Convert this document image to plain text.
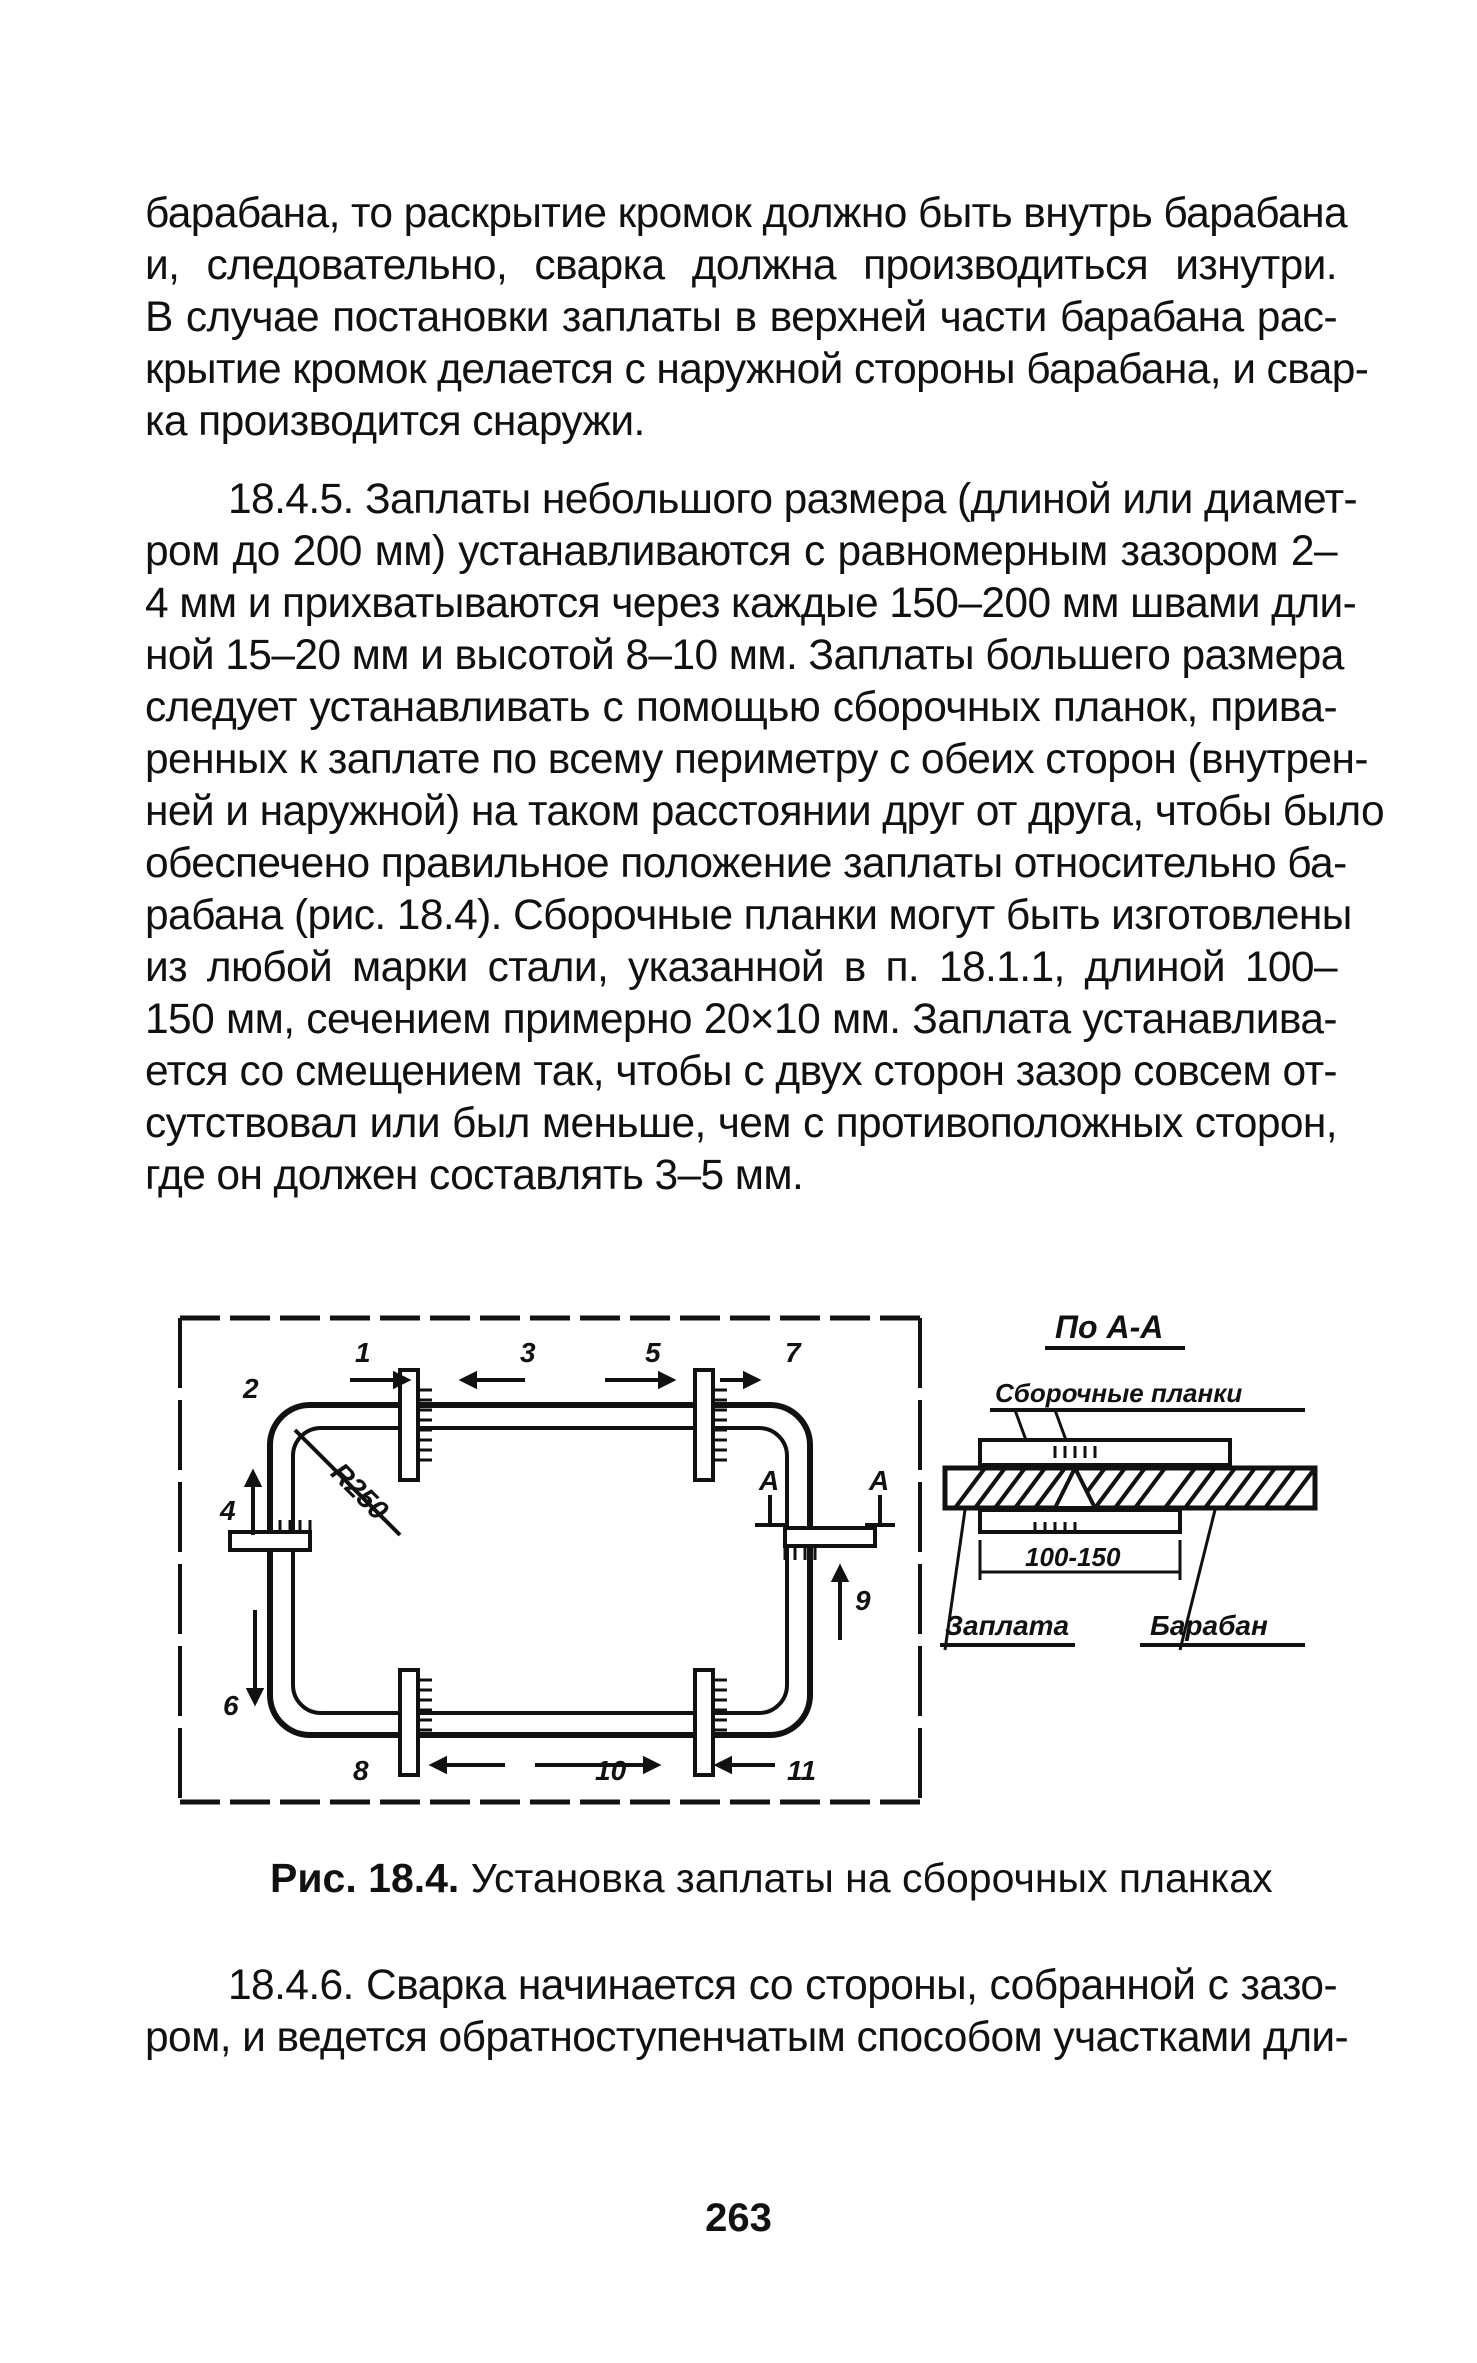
барабана, то раскрытие кромок должно быть внутрь барабана
и, следовательно, сварка должна производиться изнутри.
В случае постановки заплаты в верхней части барабана рас-
крытие кромок делается с наружной стороны барабана, и свар-
ка производится снаружи.
18.4.5. Заплаты небольшого размера (длиной или диамет-
ром до 200 мм) устанавливаются с равномерным зазором 2–
4 мм и прихватываются через каждые 150–200 мм швами дли-
ной 15–20 мм и высотой 8–10 мм. Заплаты большего размера
следует устанавливать с помощью сборочных планок, прива-
ренных к заплате по всему периметру с обеих сторон (внутрен-
ней и наружной) на таком расстоянии друг от друга, чтобы было
обеспечено правильное положение заплаты относительно ба-
рабана (рис. 18.4). Сборочные планки могут быть изготовлены
из любой марки стали, указанной в п. 18.1.1, длиной 100–
150 мм, сечением примерно 20×10 мм. Заплата устанавлива-
ется со смещением так, чтобы с двух сторон зазор совсем от-
сутствовал или был меньше, чем с противоположных сторон,
где он должен составлять 3–5 мм.
R250
1	3	5	7
2
4
6
8	10	11
9
A	A
По А-А
Сборочные планки
100-150
Заплата	Барабан
Рис. 18.4. Установка заплаты на сборочных планках
18.4.6. Сварка начинается со стороны, собранной с зазо-
ром, и ведется обратноступенчатым способом участками дли-
263
